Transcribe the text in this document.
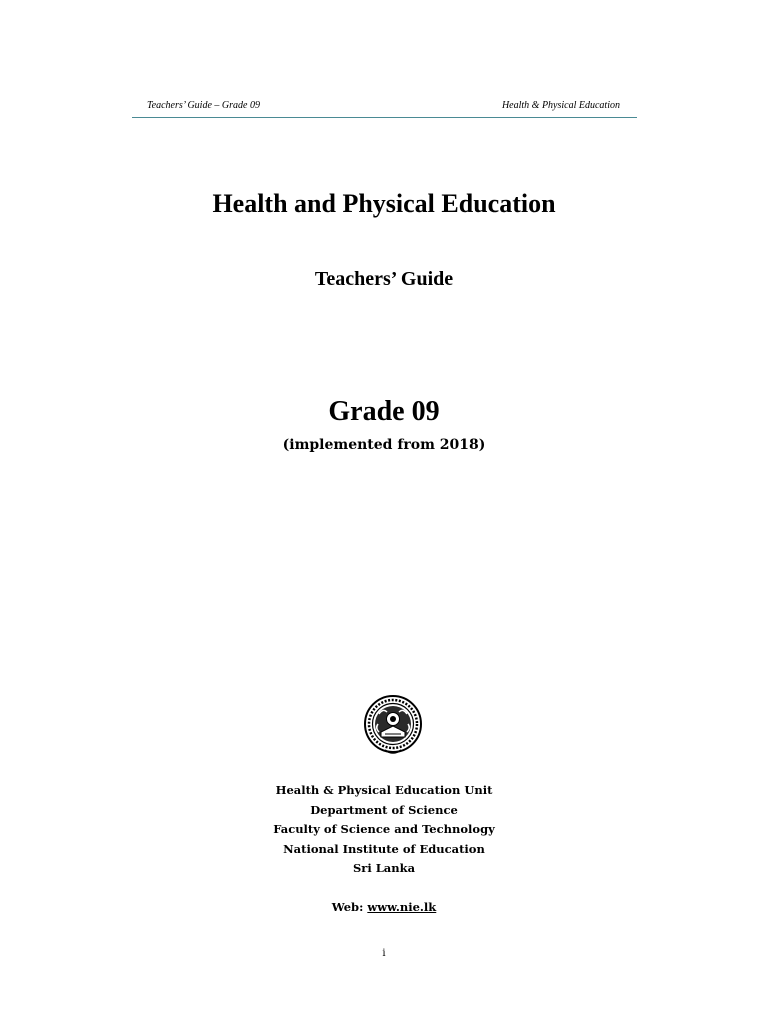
Teachers’ Guide – Grade 09	Health & Physical Education
Health and Physical Education
Teachers’ Guide
Grade 09
(implemented from 2018)
Health & Physical Education Unit
Department of Science
Faculty of Science and Technology
National Institute of Education
Sri Lanka
Web: www.nie.lk
i
